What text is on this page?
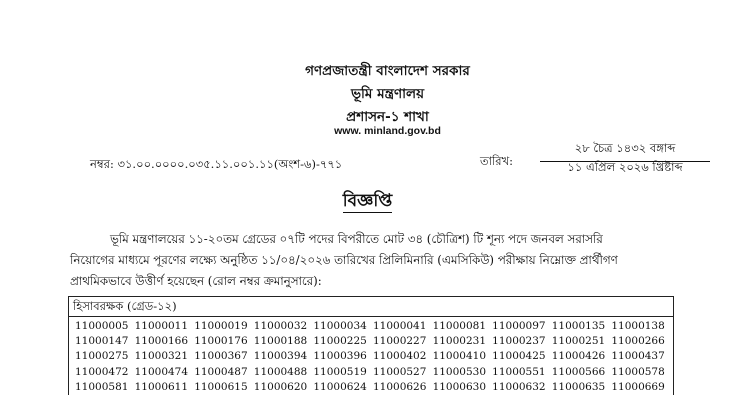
গণপ্রজাতন্ত্রী বাংলাদেশ সরকার
ভূমি মন্ত্রণালয়
প্রশাসন-১ শাখা
www. minland.gov.bd
নম্বর: ৩১.০০.০০০০.০৩৫.১১.০০১.১১(অংশ-৬)-৭৭১	তারিখ:
২৮ চৈত্র ১৪৩২ বঙ্গাব্দ
১১ এপ্রিল ২০২৬ খ্রিষ্টাব্দ
বিজ্ঞপ্তি
ভূমি মন্ত্রণালয়ের ১১-২০তম গ্রেডের ০৭টি পদের বিপরীতে মোট ৩৪ (চৌত্রিশ) টি শূন্য পদে জনবল সরাসরি
নিয়োগের মাধ্যমে পূরণের লক্ষ্যে অনুষ্ঠিত ১১/০৪/২০২৬ তারিখের প্রিলিমিনারি (এমসিকিউ) পরীক্ষায় নিম্নোক্ত প্রার্থীগণ
প্রাথমিকভাবে উত্তীর্ণ হয়েছেন (রোল নম্বর ক্রমানুসারে):
হিসাবরক্ষক (গ্রেড-১২)
11000005 11000011 11000019 11000032 11000034 11000041 11000081 11000097 11000135 11000138
11000147 11000166 11000176 11000188 11000225 11000227 11000231 11000237 11000251 11000266
11000275 11000321 11000367 11000394 11000396 11000402 11000410 11000425 11000426 11000437
11000472 11000474 11000487 11000488 11000519 11000527 11000530 11000551 11000566 11000578
11000581 11000611 11000615 11000620 11000624 11000626 11000630 11000632 11000635 11000669
